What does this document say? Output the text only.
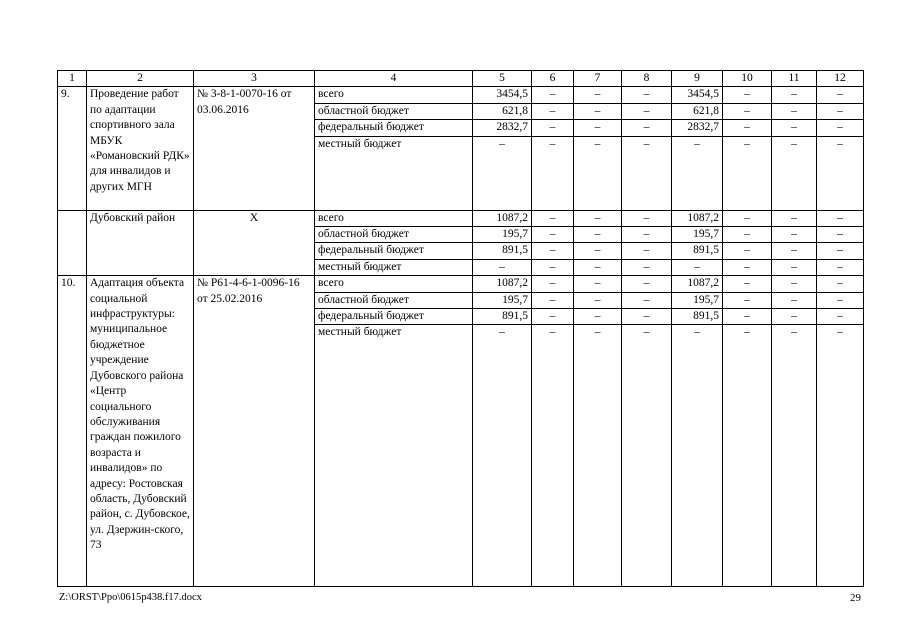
1	2	3	4	5	6	7	8	9	10	11	12
9.	Проведение работ по адаптации спортивного зала МБУК «Романовский РДК» для инвалидов и других МГН	№ 3-8-1-0070-16 от 03.06.2016	всего	3454,5	–	–	–	3454,5	–	–	–
			областной бюджет	621,8	–	–	–	621,8	–	–	–
			федеральный бюджет	2832,7	–	–	–	2832,7	–	–	–
			местный бюджет	–	–	–	–	–	–	–	–
	Дубовский район	Х	всего	1087,2	–	–	–	1087,2	–	–	–
			областной бюджет	195,7	–	–	–	195,7	–	–	–
			федеральный бюджет	891,5	–	–	–	891,5	–	–	–
			местный бюджет	–	–	–	–	–	–	–	–
10.	Адаптация объекта социальной инфраструктуры: муниципальное бюджетное учреждение Дубовского района «Центр социального обслуживания граждан пожилого возраста и инвалидов» по адресу: Ростовская область, Дубовский район, с. Дубовское, ул. Дзержин-ского, 73	№ Р61-4-6-1-0096-16 от 25.02.2016	всего	1087,2	–	–	–	1087,2	–	–	–
			областной бюджет	195,7	–	–	–	195,7	–	–	–
			федеральный бюджет	891,5	–	–	–	891,5	–	–	–
			местный бюджет	–	–	–	–	–	–	–	–
Z:\ORST\Ppo\0615p438.f17.docx	29
